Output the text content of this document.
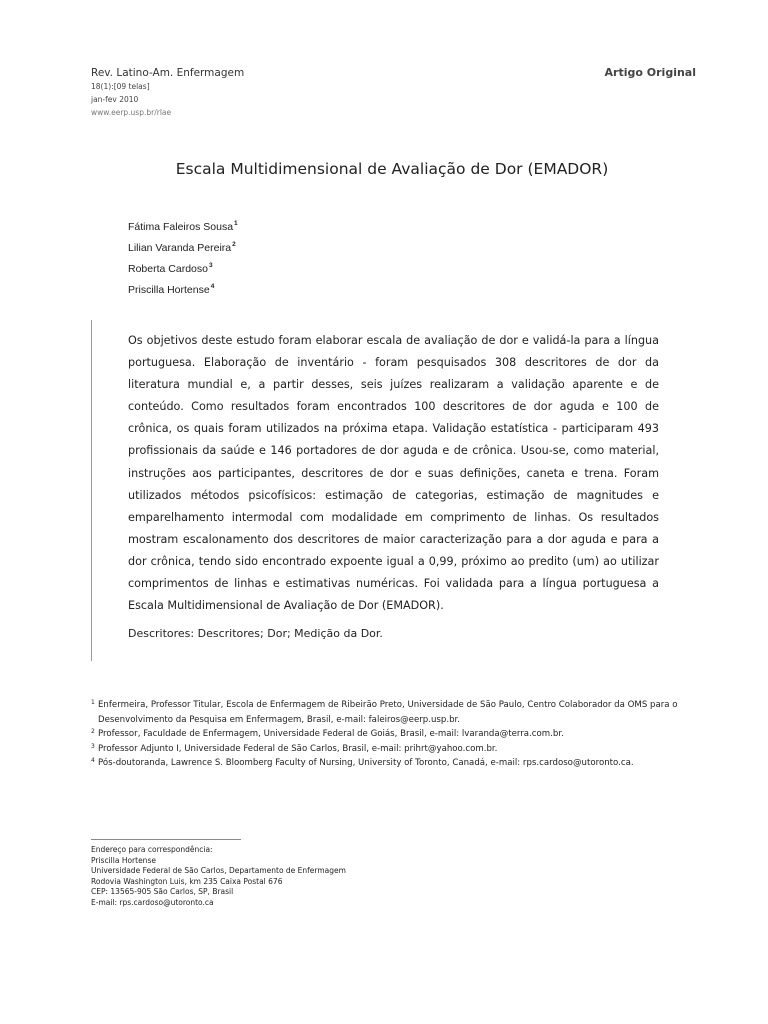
Rev. Latino-Am. Enfermagem
18(1):[09 telas]
jan-fev 2010
www.eerp.usp.br/rlae
Artigo Original
Escala Multidimensional de Avaliação de Dor (EMADOR)
Fátima Faleiros Sousa$^1$
Lilian Varanda Pereira$^2$
Roberta Cardoso$^3$
Priscilla Hortense$^4$

Os objetivos deste estudo foram elaborar escala de avaliação de dor e validá-la para a língua portuguesa. Elaboração de inventário - foram pesquisados 308 descritores de dor da literatura mundial e, a partir desses, seis juízes realizaram a validação aparente e de conteúdo. Como resultados foram encontrados 100 descritores de dor aguda e 100 de crônica, os quais foram utilizados na próxima etapa. Validação estatística - participaram 493 profissionais da saúde e 146 portadores de dor aguda e de crônica. Usou-se, como material, instruções aos participantes, descritores de dor e suas definições, caneta e trena. Foram utilizados métodos psicofísicos: estimação de categorias, estimação de magnitudes e emparelhamento intermodal com modalidade em comprimento de linhas. Os resultados mostram escalonamento dos descritores de maior caracterização para a dor aguda e para a dor crônica, tendo sido encontrado expoente igual a 0,99, próximo ao predito (um) ao utilizar comprimentos de linhas e estimativas numéricas. Foi validada para a língua portuguesa a Escala Multidimensional de Avaliação de Dor (EMADOR).

Descritores: Descritores; Dor; Medição da Dor.
1 Enfermeira, Professor Titular, Escola de Enfermagem de Ribeirão Preto, Universidade de São Paulo, Centro Colaborador da OMS para o Desenvolvimento da Pesquisa em Enfermagem, Brasil, e-mail: faleiros@eerp.usp.br.
2 Professor, Faculdade de Enfermagem, Universidade Federal de Goiás, Brasil, e-mail: lvaranda@terra.com.br.
3 Professor Adjunto I, Universidade Federal de São Carlos, Brasil, e-mail: prihrt@yahoo.com.br.
4 Pós-doutoranda, Lawrence S. Bloomberg Faculty of Nursing, University of Toronto, Canadá, e-mail: rps.cardoso@utoronto.ca.
Endereço para correspondência:
Priscilla Hortense
Universidade Federal de São Carlos, Departamento de Enfermagem
Rodovia Washington Luis, km 235 Caixa Postal 676
CEP: 13565-905 São Carlos, SP, Brasil
E-mail: rps.cardoso@utoronto.ca
